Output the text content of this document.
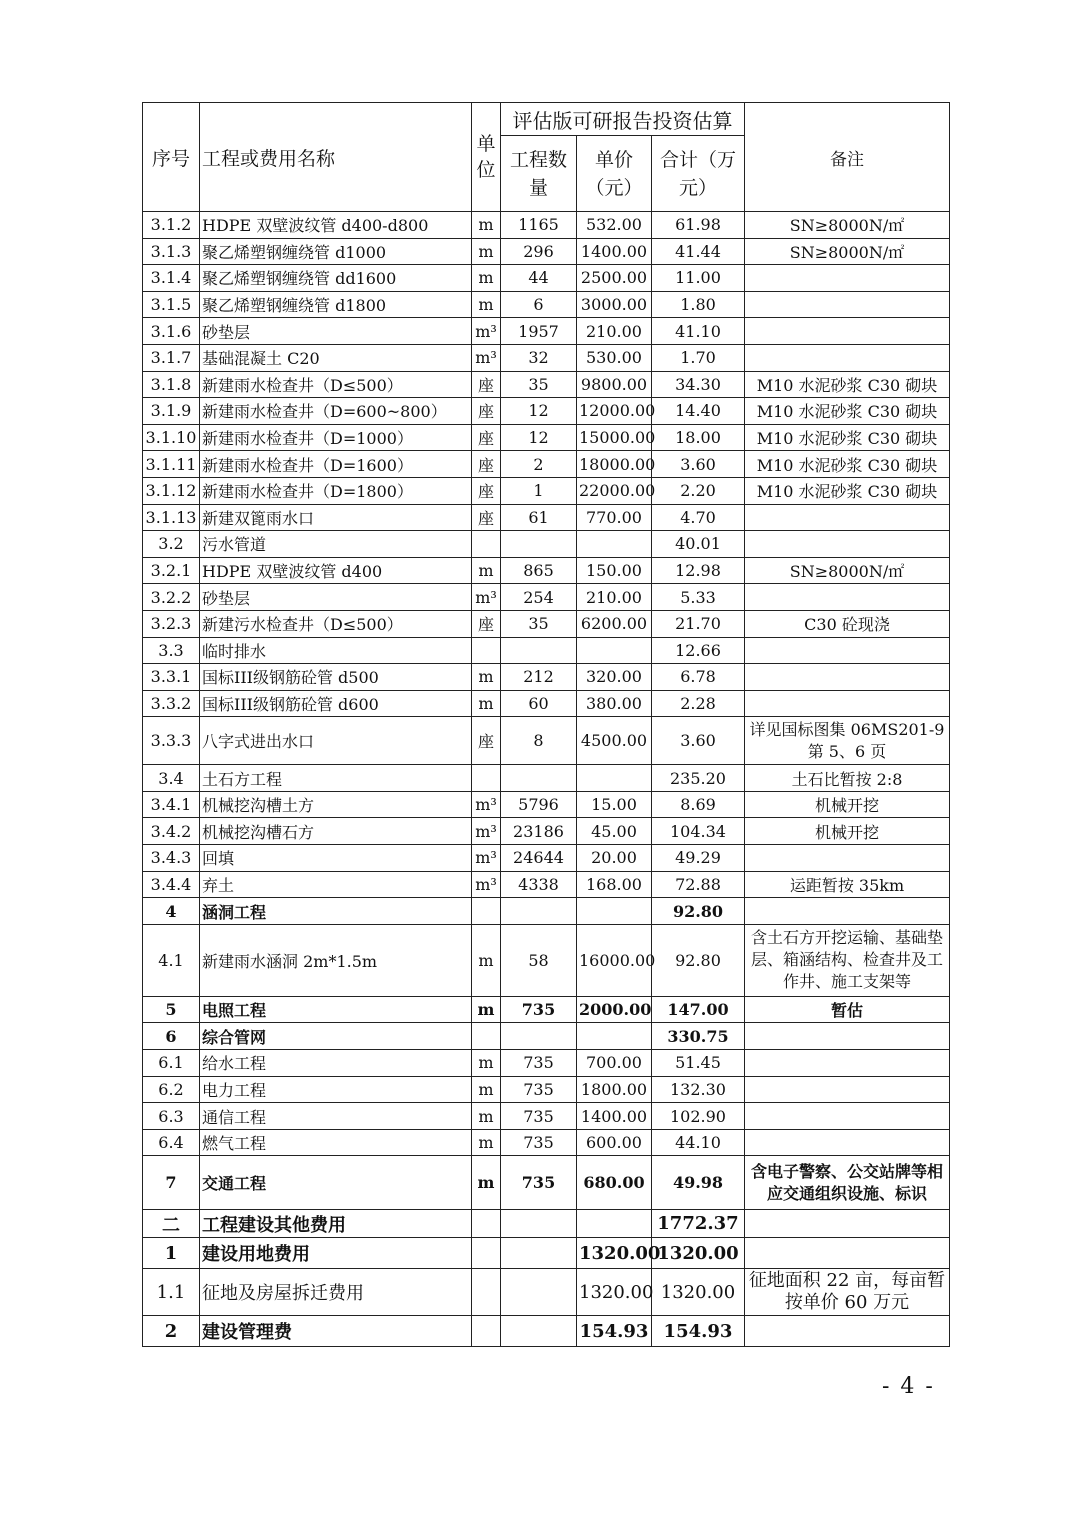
序号	工程或费用名称	单 位	评估版可研报告投资估算			备注
			工程数量	单价（元）	合计（万元）	
3.1.2	HDPE 双壁波纹管 d400-d800	m	1165	532.00	61.98	SN≥8000N/㎡
3.1.3	聚乙烯塑钢缠绕管 d1000	m	296	1400.00	41.44	SN≥8000N/㎡
3.1.4	聚乙烯塑钢缠绕管 dd1600	m	44	2500.00	11.00	
3.1.5	聚乙烯塑钢缠绕管 d1800	m	6	3000.00	1.80	
3.1.6	砂垫层	m³	1957	210.00	41.10	
3.1.7	基础混凝土 C20	m³	32	530.00	1.70	
3.1.8	新建雨水检查井（D≤500）	座	35	9800.00	34.30	M10 水泥砂浆 C30 砌块
3.1.9	新建雨水检查井（D=600~800）	座	12	12000.00	14.40	M10 水泥砂浆 C30 砌块
3.1.10	新建雨水检查井（D=1000）	座	12	15000.00	18.00	M10 水泥砂浆 C30 砌块
3.1.11	新建雨水检查井（D=1600）	座	2	18000.00	3.60	M10 水泥砂浆 C30 砌块
3.1.12	新建雨水检查井（D=1800）	座	1	22000.00	2.20	M10 水泥砂浆 C30 砌块
3.1.13	新建双篦雨水口	座	61	770.00	4.70	
3.2	污水管道				40.01	
3.2.1	HDPE 双壁波纹管 d400	m	865	150.00	12.98	SN≥8000N/㎡
3.2.2	砂垫层	m³	254	210.00	5.33	
3.2.3	新建污水检查井（D≤500）	座	35	6200.00	21.70	C30 砼现浇
3.3	临时排水				12.66	
3.3.1	国标III级钢筋砼管 d500	m	212	320.00	6.78	
3.3.2	国标III级钢筋砼管 d600	m	60	380.00	2.28	
3.3.3	八字式进出水口	座	8	4500.00	3.60	详见国标图集 06MS201-9 第 5、6 页
3.4	土石方工程				235.20	土石比暂按 2:8
3.4.1	机械挖沟槽土方	m³	5796	15.00	8.69	机械开挖
3.4.2	机械挖沟槽石方	m³	23186	45.00	104.34	机械开挖
3.4.3	回填	m³	24644	20.00	49.29	
3.4.4	弃土	m³	4338	168.00	72.88	运距暂按 35km
4	涵洞工程				92.80	
4.1	新建雨水涵洞 2m*1.5m	m	58	16000.00	92.80	含土石方开挖运输、基础垫层、箱涵结构、检查井及工作井、施工支架等
5	电照工程	m	735	2000.00	147.00	暂估
6	综合管网				330.75	
6.1	给水工程	m	735	700.00	51.45	
6.2	电力工程	m	735	1800.00	132.30	
6.3	通信工程	m	735	1400.00	102.90	
6.4	燃气工程	m	735	600.00	44.10	
7	交通工程	m	735	680.00	49.98	含电子警察、公交站牌等相应交通组织设施、标识
二	工程建设其他费用				1772.37	
1	建设用地费用			1320.00	1320.00	
1.1	征地及房屋拆迁费用			1320.00	1320.00	征地面积 22 亩，每亩暂按单价 60 万元
2	建设管理费			154.93	154.93	
- 4 -
